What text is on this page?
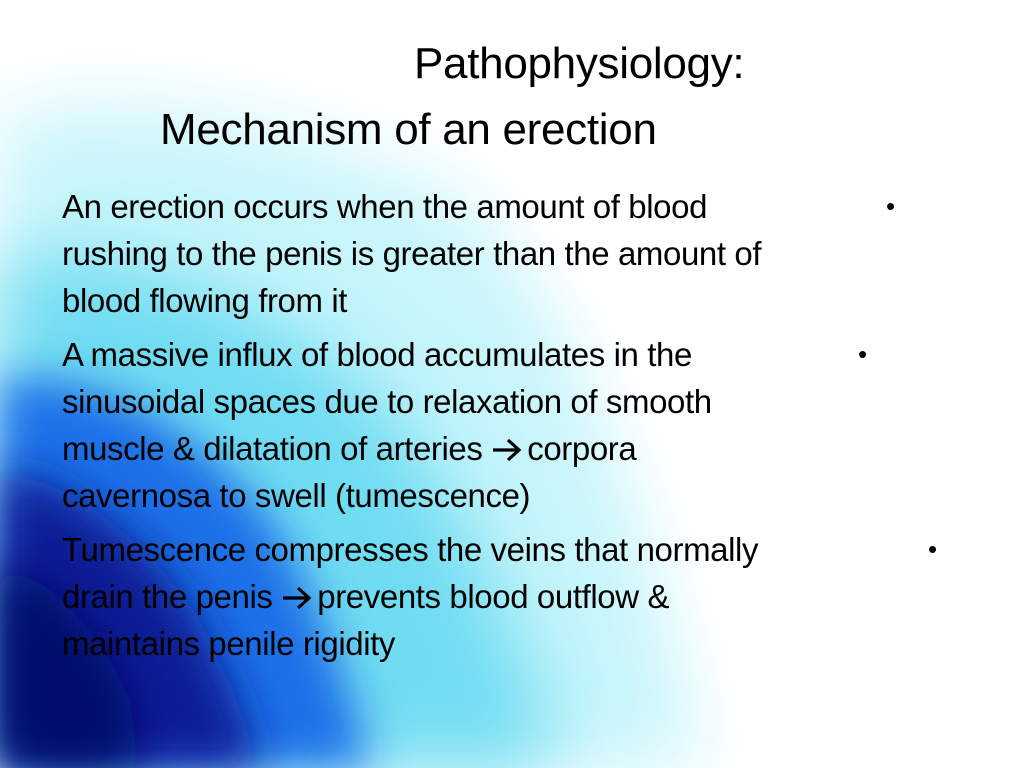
Pathophysiology:
Mechanism of an erection
An erection occurs when the amount of blood
rushing to the penis is greater than the amount of
blood flowing from it
•
A massive influx of blood accumulates in the
sinusoidal spaces due to relaxation of smooth
muscle & dilatation of arteries corpora
cavernosa to swell (tumescence)
•
Tumescence compresses the veins that normally
drain the penis prevents blood outflow &
maintains penile rigidity
•
